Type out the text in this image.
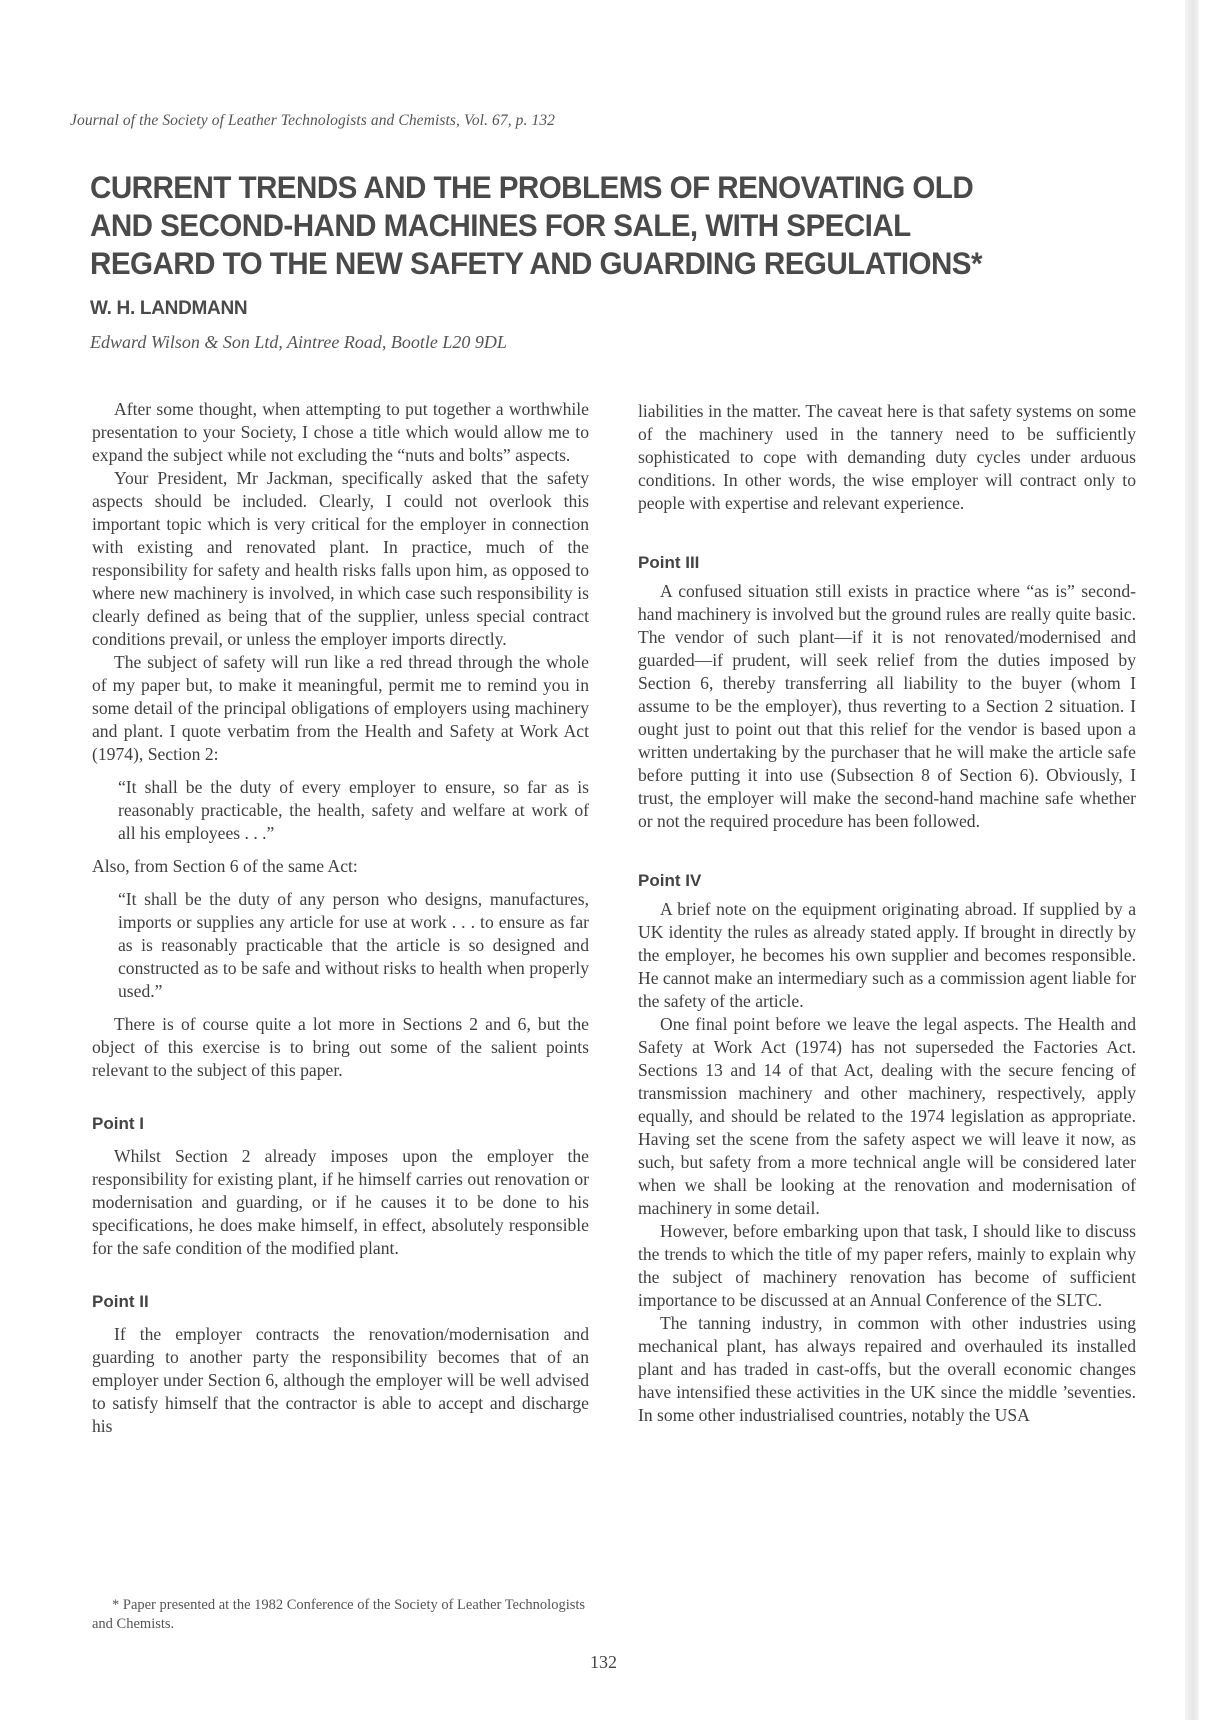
Journal of the Society of Leather Technologists and Chemists, Vol. 67, p. 132
CURRENT TRENDS AND THE PROBLEMS OF RENOVATING OLD
AND SECOND-HAND MACHINES FOR SALE, WITH SPECIAL
REGARD TO THE NEW SAFETY AND GUARDING REGULATIONS*
W. H. LANDMANN
Edward Wilson & Son Ltd, Aintree Road, Bootle L20 9DL

After some thought, when attempting to put together a worthwhile presentation to your Society, I chose a title which would allow me to expand the subject while not excluding the “nuts and bolts” aspects.

Your President, Mr Jackman, specifically asked that the safety aspects should be included. Clearly, I could not overlook this important topic which is very critical for the employer in connection with existing and renovated plant. In practice, much of the responsibility for safety and health risks falls upon him, as opposed to where new machinery is involved, in which case such responsibility is clearly defined as being that of the supplier, unless special contract conditions prevail, or unless the employer imports directly.

The subject of safety will run like a red thread through the whole of my paper but, to make it meaningful, permit me to remind you in some detail of the principal obligations of employers using machinery and plant. I quote verbatim from the Health and Safety at Work Act (1974), Section 2:

“It shall be the duty of every employer to ensure, so far as is reasonably practicable, the health, safety and welfare at work of all his employees . . .”

Also, from Section 6 of the same Act:

“It shall be the duty of any person who designs, manufactures, imports or supplies any article for use at work . . . to ensure as far as is reasonably practicable that the article is so designed and constructed as to be safe and without risks to health when properly used.”

There is of course quite a lot more in Sections 2 and 6, but the object of this exercise is to bring out some of the salient points relevant to the subject of this paper.

Point I

Whilst Section 2 already imposes upon the employer the responsibility for existing plant, if he himself carries out renovation or modernisation and guarding, or if he causes it to be done to his specifications, he does make himself, in effect, absolutely responsible for the safe condition of the modified plant.

Point II

If the employer contracts the renovation/modernisation and guarding to another party the responsibility becomes that of an employer under Section 6, although the employer will be well advised to satisfy himself that the contractor is able to accept and discharge his

liabilities in the matter. The caveat here is that safety systems on some of the machinery used in the tannery need to be sufficiently sophisticated to cope with demanding duty cycles under arduous conditions. In other words, the wise employer will contract only to people with expertise and relevant experience.

Point III

A confused situation still exists in practice where “as is” second-hand machinery is involved but the ground rules are really quite basic. The vendor of such plant—if it is not renovated/modernised and guarded—if prudent, will seek relief from the duties imposed by Section 6, thereby transferring all liability to the buyer (whom I assume to be the employer), thus reverting to a Section 2 situation. I ought just to point out that this relief for the vendor is based upon a written undertaking by the purchaser that he will make the article safe before putting it into use (Subsection 8 of Section 6). Obviously, I trust, the employer will make the second-hand machine safe whether or not the required procedure has been followed.

Point IV

A brief note on the equipment originating abroad. If supplied by a UK identity the rules as already stated apply. If brought in directly by the employer, he becomes his own supplier and becomes responsible. He cannot make an intermediary such as a commission agent liable for the safety of the article.

One final point before we leave the legal aspects. The Health and Safety at Work Act (1974) has not superseded the Factories Act. Sections 13 and 14 of that Act, dealing with the secure fencing of transmission machinery and other machinery, respectively, apply equally, and should be related to the 1974 legislation as appropriate. Having set the scene from the safety aspect we will leave it now, as such, but safety from a more technical angle will be considered later when we shall be looking at the renovation and modernisation of machinery in some detail.

However, before embarking upon that task, I should like to discuss the trends to which the title of my paper refers, mainly to explain why the subject of machinery renovation has become of sufficient importance to be discussed at an Annual Conference of the SLTC.

The tanning industry, in common with other industries using mechanical plant, has always repaired and overhauled its installed plant and has traded in cast-offs, but the overall economic changes have intensified these activities in the UK since the middle ’seventies. In some other industrialised countries, notably the USA

* Paper presented at the 1982 Conference of the Society of Leather Technologists and Chemists.
132
